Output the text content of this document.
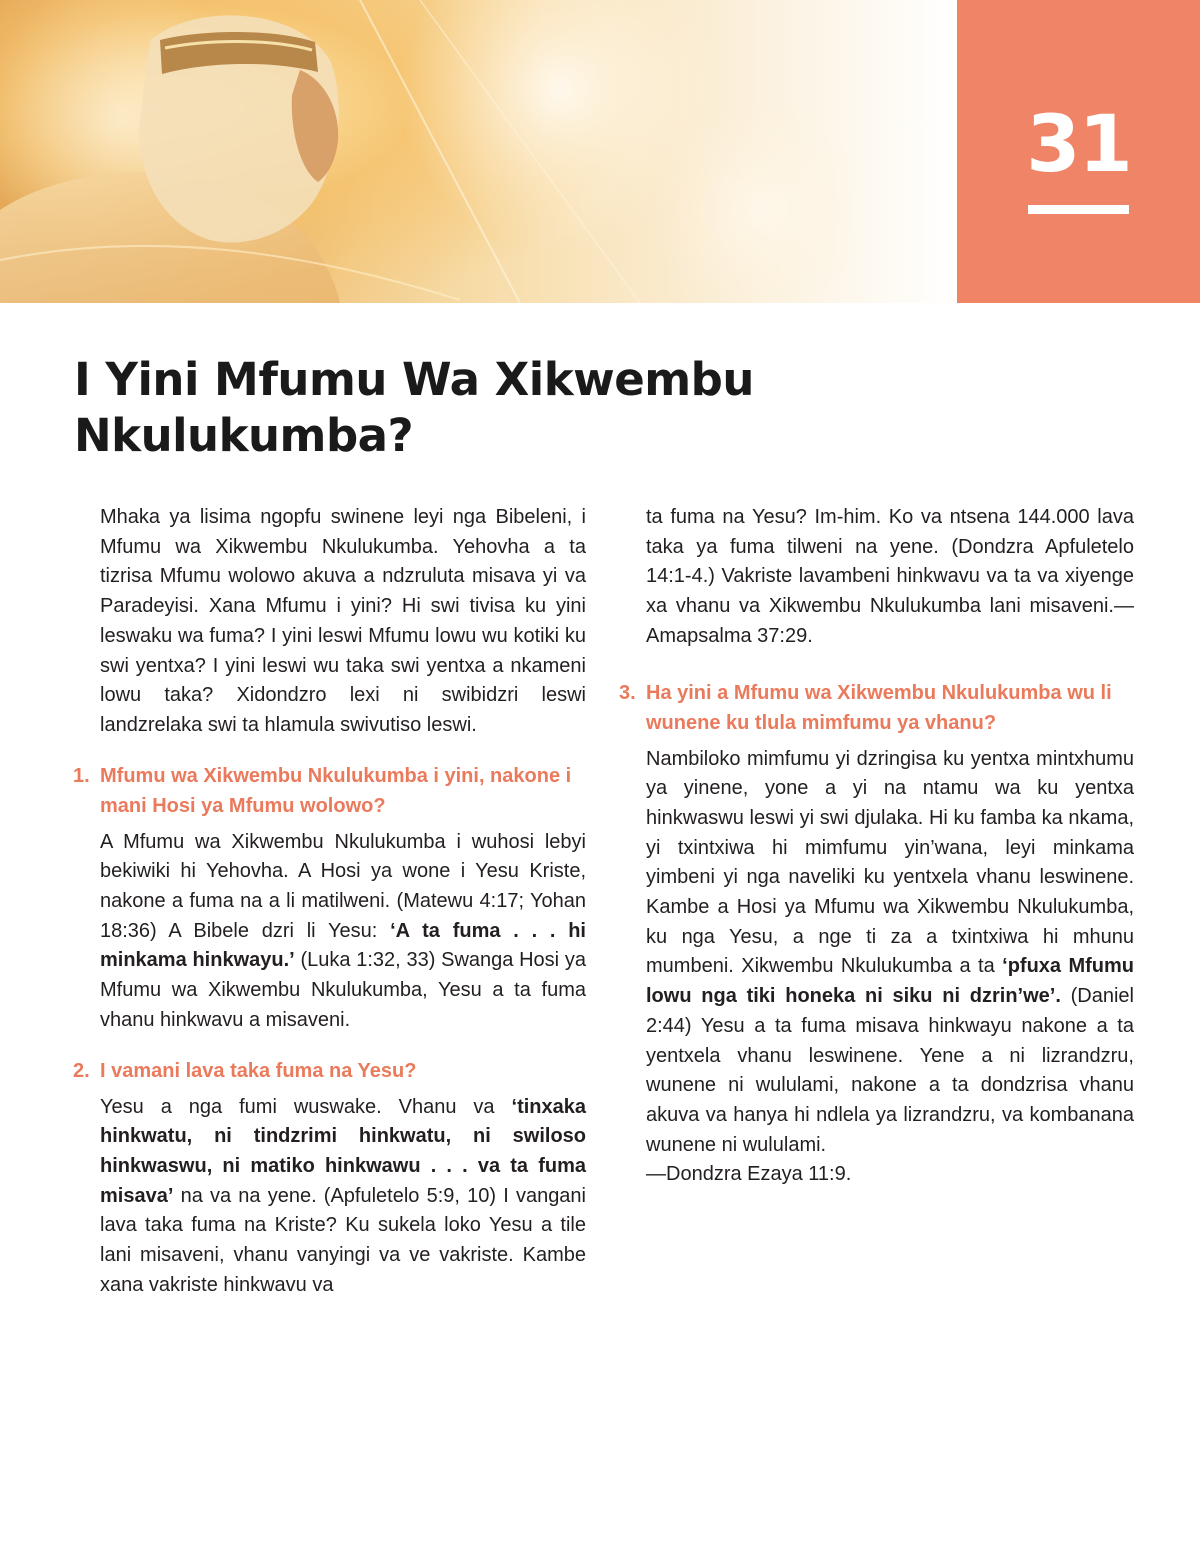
31
I Yini Mfumu Wa Xikwembu
Nkulukumba?

Mhaka ya lisima ngopfu swinene leyi nga Bibeleni, i Mfumu wa Xikwembu Nkulukumba. Yehovha a ta tizrisa Mfumu wolowo akuva a ndzruluta misava yi va Paradeyisi. Xana Mfumu i yini? Hi swi tivisa ku yini leswaku wa fuma? I yini leswi Mfumu lowu wu kotiki ku swi yentxa? I yini leswi wu taka swi yentxa a nkameni lowu taka? Xidondzro lexi ni swibidzri leswi landzrelaka swi ta hlamula swivutiso leswi.

1. Mfumu wa Xikwembu Nkulukumba i yini, nakone i mani Hosi ya Mfumu wolowo?

A Mfumu wa Xikwembu Nkulukumba i wuhosi lebyi bekiwiki hi Yehovha. A Hosi ya wone i Yesu Kriste, nakone a fuma na a li matilweni. (Matewu 4:17; Yohan 18:36) A Bibele dzri li Yesu: ‘A ta fuma . . . hi minkama hinkwayu.’ (Luka 1:32, 33) Swanga Hosi ya Mfumu wa Xikwembu Nkulukumba, Yesu a ta fuma vhanu hinkwavu a misaveni.

2. I vamani lava taka fuma na Yesu?

Yesu a nga fumi wuswake. Vhanu va ‘tinxaka hinkwatu, ni tindzrimi hinkwatu, ni swiloso hinkwaswu, ni matiko hinkwawu . . . va ta fuma misava’ na va na yene. (Apfuletelo 5:9, 10) I vangani lava taka fuma na Kriste? Ku sukela loko Yesu a tile lani misaveni, vhanu vanyingi va ve vakriste. Kambe xana vakriste hinkwavu va

ta fuma na Yesu? Im-him. Ko va ntsena 144.000 lava taka ya fuma tilweni na yene. (Dondzra Apfuletelo 14:1-4.) Vakriste lavambeni hinkwavu va ta va xiyenge xa vhanu va Xikwembu Nkulukumba lani misaveni.—Amapsalma 37:29.

3. Ha yini a Mfumu wa Xikwembu Nkulukumba wu li wunene ku tlula mimfumu ya vhanu?

Nambiloko mimfumu yi dzringisa ku yentxa mintxhumu ya yinene, yone a yi na ntamu wa ku yentxa hinkwaswu leswi yi swi djulaka. Hi ku famba ka nkama, yi txintxiwa hi mimfumu yin’wana, leyi minkama yimbeni yi nga naveliki ku yentxela vhanu leswinene. Kambe a Hosi ya Mfumu wa Xikwembu Nkulukumba, ku nga Yesu, a nge ti za a txintxiwa hi mhunu mumbeni. Xikwembu Nkulukumba a ta ‘pfuxa Mfumu lowu nga tiki honeka ni siku ni dzrin’we’. (Daniel 2:44) Yesu a ta fuma misava hinkwayu nakone a ta yentxela vhanu leswinene. Yene a ni lizrandzru, wunene ni wululami, nakone a ta dondzrisa vhanu akuva va hanya hi ndlela ya lizrandzru, va kombanana wunene ni wululami.
—Dondzra Ezaya 11:9.
